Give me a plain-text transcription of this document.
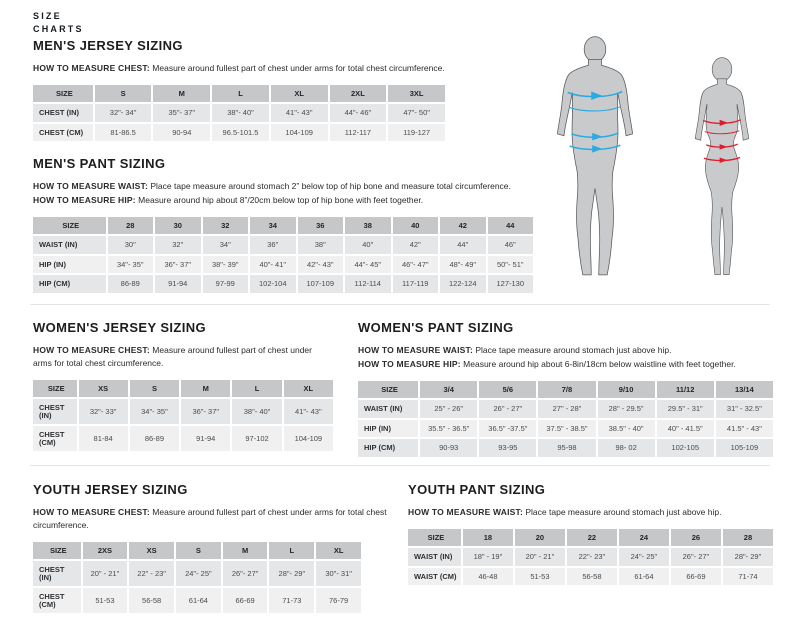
SIZE
CHARTS
MEN'S JERSEY SIZING

HOW TO MEASURE CHEST: Measure around fullest part of chest under arms for total chest circumference.

SIZE	S	M	L	XL	2XL	3XL
CHEST (IN)	32"- 34"	35"- 37"	38"- 40"	41"- 43"	44"- 46"	47"- 50"
CHEST (CM)	81-86.5	90-94	96.5-101.5	104-109	112-117	119-127
MEN'S PANT SIZING

HOW TO MEASURE WAIST: Place tape measure around stomach 2” below top of hip bone and measure total circumference.

HOW TO MEASURE HIP: Measure around hip about 8”/20cm below top of hip bone with feet together.

SIZE	28	30	32	34	36	38	40	42	44
WAIST (IN)	30"	32"	34"	36"	38"	40"	42"	44"	46"
HIP (IN)	34"- 35"	36"- 37"	38"- 39"	40"- 41"	42"- 43"	44"- 45"	46"- 47"	48"- 49"	50"- 51"
HIP (CM)	86-89	91-94	97-99	102-104	107-109	112-114	117-119	122-124	127-130
WOMEN'S JERSEY SIZING

HOW TO MEASURE CHEST: Measure around fullest part of chest under arms for total chest circumference.

SIZE	XS	S	M	L	XL
CHEST (IN)	32"- 33"	34"- 35"	36"- 37"	38"- 40"	41"- 43"
CHEST (CM)	81-84	86-89	91-94	97-102	104-109
WOMEN'S PANT SIZING

HOW TO MEASURE WAIST: Place tape measure around stomach just above hip.

HOW TO MEASURE HIP: Measure around hip about 6-8in/18cm below waistline with feet together.

SIZE	3/4	5/6	7/8	9/10	11/12	13/14
WAIST (IN)	25" - 26"	26" - 27"	27" - 28"	28" - 29.5"	29.5" - 31"	31" - 32.5"
HIP (IN)	35.5" - 36.5"	36.5" -37.5"	37.5" - 38.5"	38.5" - 40"	40" - 41.5"	41.5" - 43"
HIP (CM)	90-93	93-95	95-98	98- 02	102-105	105-109
YOUTH JERSEY SIZING

HOW TO MEASURE CHEST: Measure around fullest part of chest under arms for total chest circumference.

SIZE	2XS	XS	S	M	L	XL
CHEST (IN)	20" - 21"	22" - 23"	24"- 25"	26"- 27"	28"- 29"	30"- 31"
CHEST (CM)	51-53	56-58	61-64	66-69	71-73	76-79
YOUTH PANT SIZING

HOW TO MEASURE WAIST: Place tape measure around stomach just above hip.

SIZE	18	20	22	24	26	28
WAIST (IN)	18" - 19"	20" - 21"	22"- 23"	24"- 25"	26"- 27"	28"- 29"
WAIST (CM)	46-48	51-53	56-58	61-64	66-69	71-74
